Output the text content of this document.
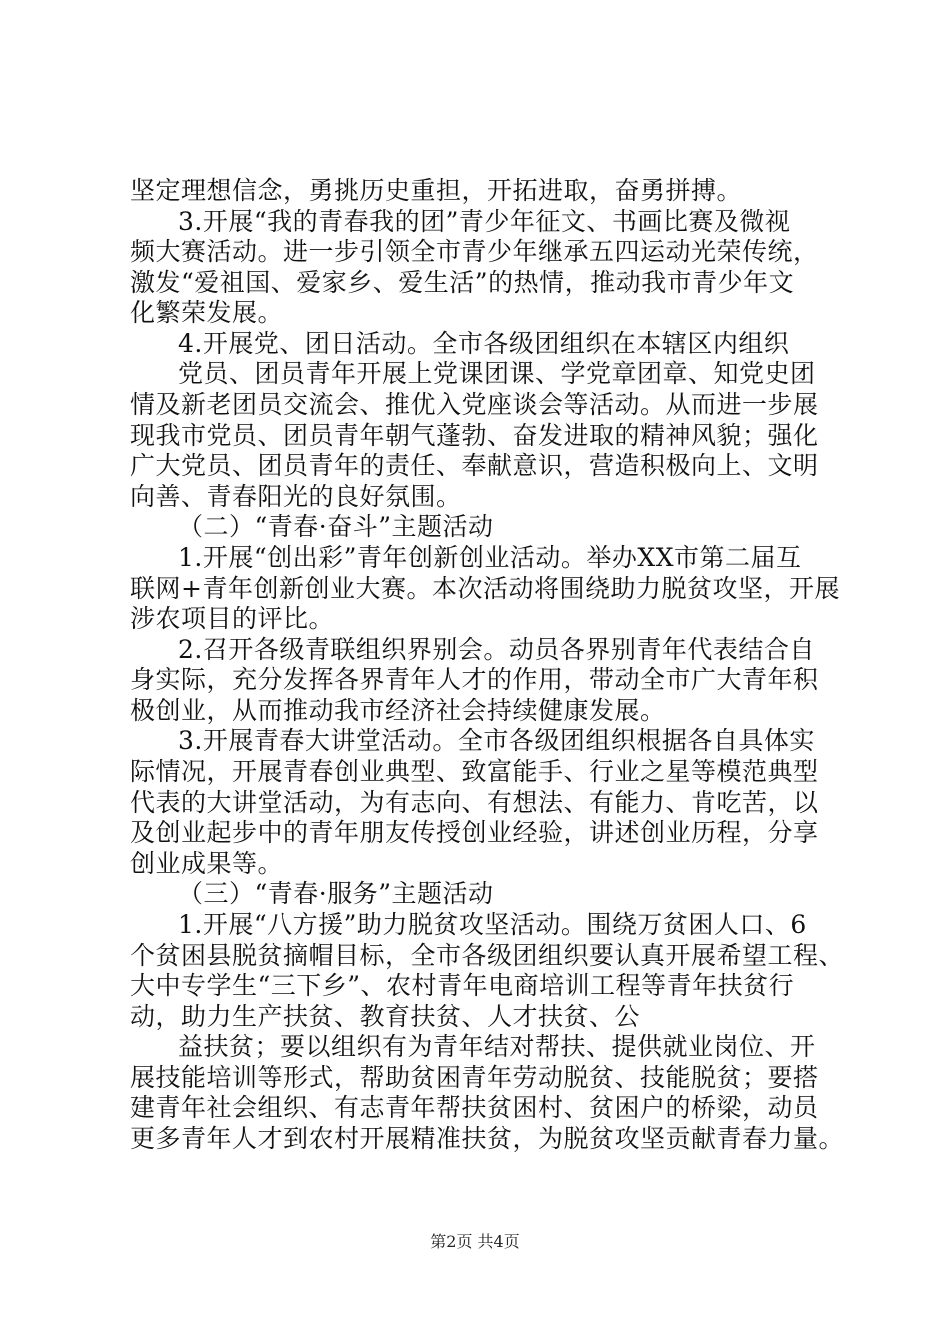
坚定理想信念，勇挑历史重担，开拓进取，奋勇拼搏。
3.开展“我的青春我的团”青少年征文、书画比赛及微视
频大赛活动。进一步引领全市青少年继承五四运动光荣传统，
激发“爱祖国、爱家乡、爱生活”的热情，推动我市青少年文
化繁荣发展。
4.开展党、团日活动。全市各级团组织在本辖区内组织
党员、团员青年开展上党课团课、学党章团章、知党史团
情及新老团员交流会、推优入党座谈会等活动。从而进一步展
现我市党员、团员青年朝气蓬勃、奋发进取的精神风貌；强化
广大党员、团员青年的责任、奉献意识，营造积极向上、文明
向善、青春阳光的良好氛围。
（二）“青春·奋斗”主题活动
1.开展“创出彩”青年创新创业活动。举办XX市第二届互
联网+青年创新创业大赛。本次活动将围绕助力脱贫攻坚，开展
涉农项目的评比。
2.召开各级青联组织界别会。动员各界别青年代表结合自
身实际，充分发挥各界青年人才的作用，带动全市广大青年积
极创业，从而推动我市经济社会持续健康发展。
3.开展青春大讲堂活动。全市各级团组织根据各自具体实
际情况，开展青春创业典型、致富能手、行业之星等模范典型
代表的大讲堂活动，为有志向、有想法、有能力、肯吃苦，以
及创业起步中的青年朋友传授创业经验，讲述创业历程，分享
创业成果等。
（三）“青春·服务”主题活动
1.开展“八方援”助力脱贫攻坚活动。围绕万贫困人口、6
个贫困县脱贫摘帽目标，全市各级团组织要认真开展希望工程、
大中专学生“三下乡”、农村青年电商培训工程等青年扶贫行
动，助力生产扶贫、教育扶贫、人才扶贫、公
益扶贫；要以组织有为青年结对帮扶、提供就业岗位、开
展技能培训等形式，帮助贫困青年劳动脱贫、技能脱贫；要搭
建青年社会组织、有志青年帮扶贫困村、贫困户的桥梁，动员
更多青年人才到农村开展精准扶贫，为脱贫攻坚贡献青春力量。
第2页 共4页
